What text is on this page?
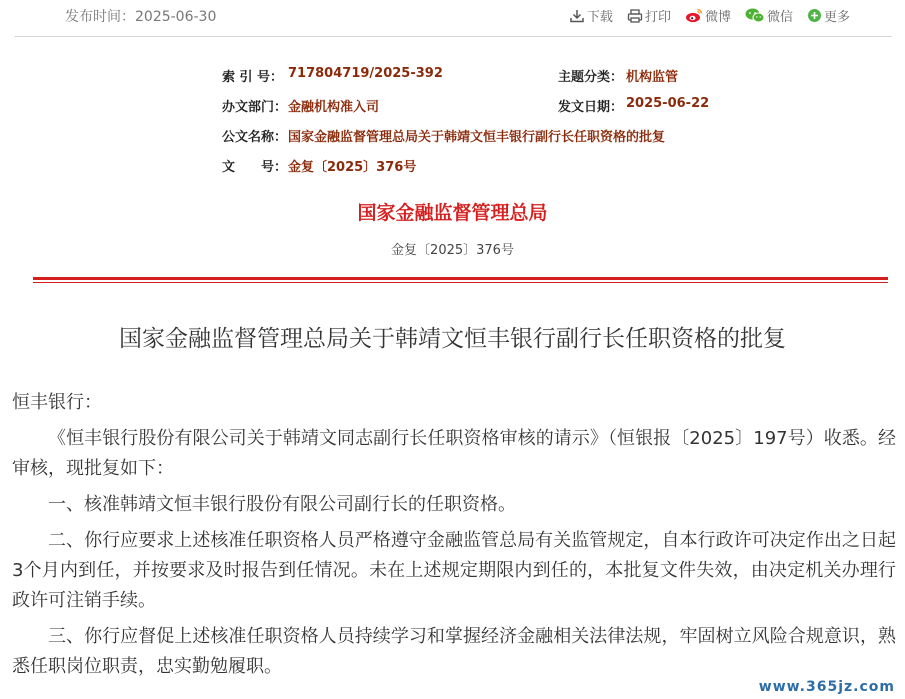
发布时间：2025-06-30	下载 打印	微博	微信 更多
索 引 号： 717804719/2025-392	主题分类： 机构监管
办文部门： 金融机构准入司	发文日期： 2025-06-22
公文名称： 国家金融监督管理总局关于韩靖文恒丰银行副行长任职资格的批复
文　　号： 金复〔2025〕376号
国家金融监督管理总局
金复〔2025〕376号
国家金融监督管理总局关于韩靖文恒丰银行副行长任职资格的批复
恒丰银行：

《恒丰银行股份有限公司关于韩靖文同志副行长任职资格审核的请示》（恒银报〔2025〕197号）收悉。经审核，现批复如下：

一、核准韩靖文恒丰银行股份有限公司副行长的任职资格。

二、你行应要求上述核准任职资格人员严格遵守金融监管总局有关监管规定，自本行政许可决定作出之日起3个月内到任，并按要求及时报告到任情况。未在上述规定期限内到任的，本批复文件失效，由决定机关办理行政许可注销手续。

三、你行应督促上述核准任职资格人员持续学习和掌握经济金融相关法律法规，牢固树立风险合规意识，熟悉任职岗位职责，忠实勤勉履职。

www.365jz.com
